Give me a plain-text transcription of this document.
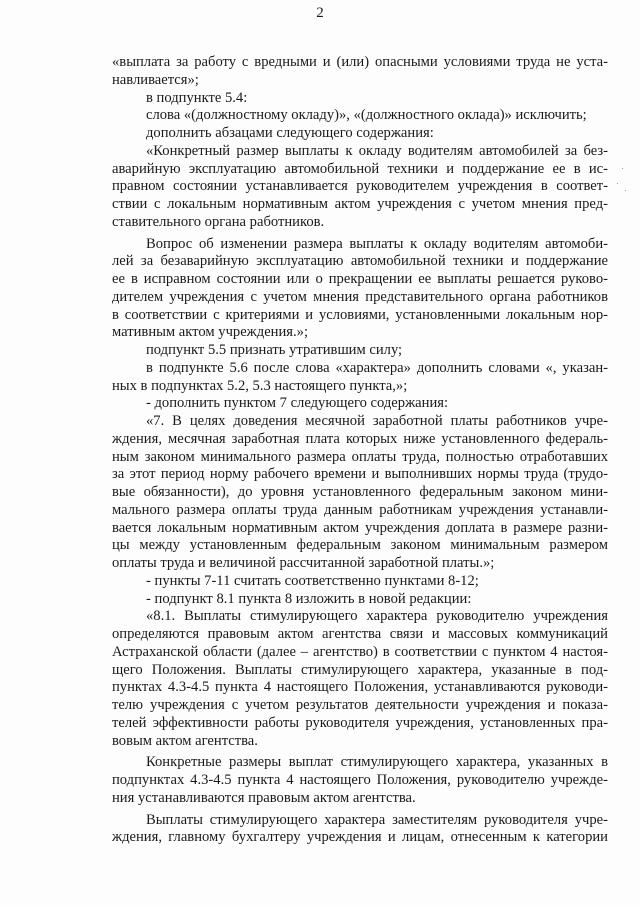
2

«выплата за работу с вредными и (или) опасными условиями труда не уста-
навливается»;

в подпункте 5.4:

слова «(должностному окладу)», «(должностного оклада)» исключить;

дополнить абзацами следующего содержания:

«Конкретный размер выплаты к окладу водителям автомобилей за без-
аварийную эксплуатацию автомобильной техники и поддержание ее в ис-
правном состоянии устанавливается руководителем учреждения в соответ-
ствии с локальным нормативным актом учреждения с учетом мнения пред-
ставительного органа работников.

Вопрос об изменении размера выплаты к окладу водителям автомоби-
лей за безаварийную эксплуатацию автомобильной техники и поддержание
ее в исправном состоянии или о прекращении ее выплаты решается руково-
дителем учреждения с учетом мнения представительного органа работников
в соответствии с критериями и условиями, установленными локальным нор-
мативным актом учреждения.»;

подпункт 5.5 признать утратившим силу;

в подпункте 5.6 после слова «характера» дополнить словами «, указан-
ных в подпунктах 5.2, 5.3 настоящего пункта,»;

- дополнить пунктом 7 следующего содержания:

«7. В целях доведения месячной заработной платы работников учре-
ждения, месячная заработная плата которых ниже установленного федераль-
ным законом минимального размера оплаты труда, полностью отработавших
за этот период норму рабочего времени и выполнивших нормы труда (трудо-
вые обязанности), до уровня установленного федеральным законом мини-
мального размера оплаты труда данным работникам учреждения устанавли-
вается локальным нормативным актом учреждения доплата в размере разни-
цы между установленным федеральным законом минимальным размером
оплаты труда и величиной рассчитанной заработной платы.»;

- пункты 7-11 считать соответственно пунктами 8-12;

- подпункт 8.1 пункта 8 изложить в новой редакции:

«8.1. Выплаты стимулирующего характера руководителю учреждения
определяются правовым актом агентства связи и массовых коммуникаций
Астраханской области (далее – агентство) в соответствии с пунктом 4 настоя-
щего Положения. Выплаты стимулирующего характера, указанные в под-
пунктах 4.3-4.5 пункта 4 настоящего Положения, устанавливаются руководи-
телю учреждения с учетом результатов деятельности учреждения и показа-
телей эффективности работы руководителя учреждения, установленных пра-
вовым актом агентства.

Конкретные размеры выплат стимулирующего характера, указанных в
подпунктах 4.3-4.5 пункта 4 настоящего Положения, руководителю учрежде-
ния устанавливаются правовым актом агентства.

Выплаты стимулирующего характера заместителям руководителя учре-
ждения, главному бухгалтеру учреждения и лицам, отнесенным к категории
